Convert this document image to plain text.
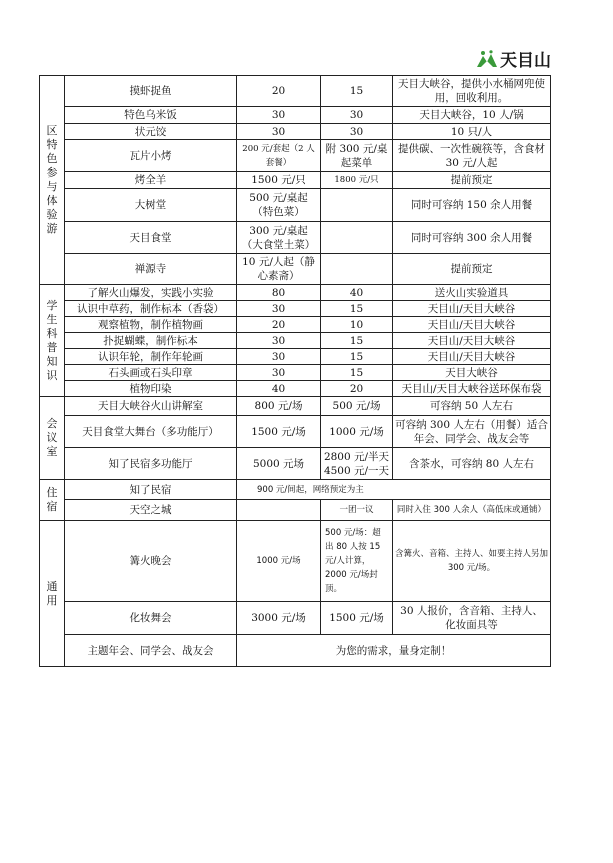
天目山
区特色参与体验游	摸虾捉鱼	20	15	天目大峡谷，提供小水桶网兜使用，回收利用。
	特色乌米饭	30	30	天目大峡谷，10 人/锅
	状元饺	30	30	10 只/人
	瓦片小烤	200 元/套起（2 人套餐）	附 300 元/桌起菜单	提供碳、一次性碗筷等，含食材 30 元/人起
	烤全羊	1500 元/只	1800 元/只	提前预定
	大树堂	500 元/桌起（特色菜）		同时可容纳 150 余人用餐
	天目食堂	300 元/桌起（大食堂土菜）		同时可容纳 300 余人用餐
	禅源寺	10 元/人起（静心素斋）		提前预定
学生科普知识	了解火山爆发，实践小实验	80	40	送火山实验道具
	认识中草药，制作标本（香袋）	30	15	天目山/天目大峡谷
	观察植物，制作植物画	20	10	天目山/天目大峡谷
	扑捉蝴蝶，制作标本	30	15	天目山/天目大峡谷
	认识年轮，制作年轮画	30	15	天目山/天目大峡谷
	石头画或石头印章	30	15	天目大峡谷
	植物印染	40	20	天目山/天目大峡谷送环保布袋
会议室	天目大峡谷火山讲解室	800 元/场	500 元/场	可容纳 50 人左右
	天目食堂大舞台（多功能厅）	1500 元/场	1000 元/场	可容纳 300 人左右（用餐）适合年会、同学会、战友会等
	知了民宿多功能厅	5000 元场	2800 元/半天 4500 元/一天	含茶水，可容纳 80 人左右
住宿	知了民宿	900 元/间起，网络预定为主		
	天空之城		一团一议	同时入住 300 人余人（高低床或通铺）
通用	篝火晚会	1000 元/场	500 元/场：超出 80 人按 15 元/人计算，2000 元/场封顶。	含篝火、音箱、主持人、如要主持人另加 300 元/场。
	化妆舞会	3000 元/场	1500 元/场	30 人报价，含音箱、主持人、化妆面具等
	主题年会、同学会、战友会	为您的需求，量身定制！		
